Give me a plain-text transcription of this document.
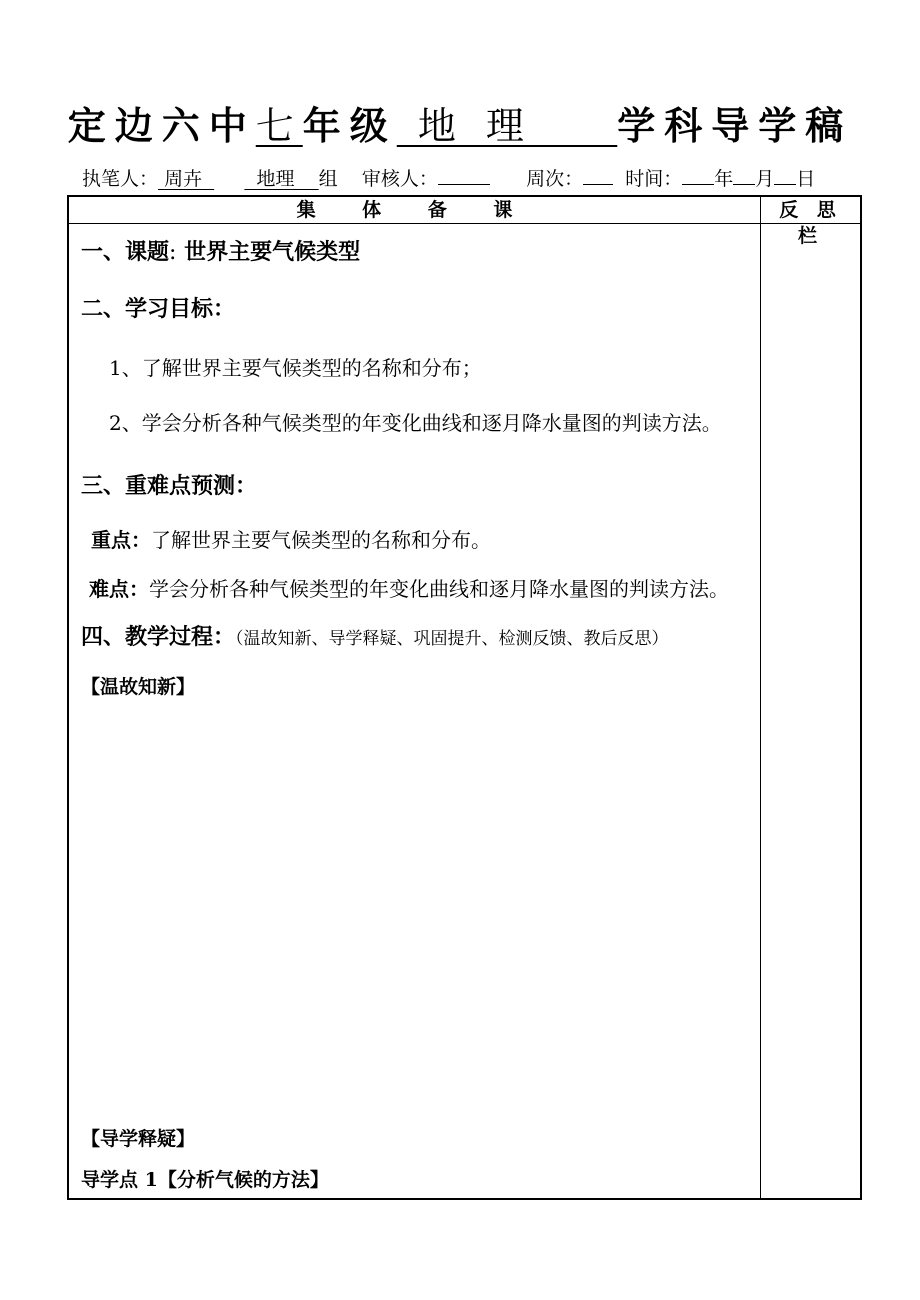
定边六中七年级 地 理    学科导学稿
执笔人： 周卉	地理 组 审核人：	周次： 时间： 年 月 日
集 体 备 课	反 思 栏
一、课题: 世界主要气候类型
二、学习目标：
1、了解世界主要气候类型的名称和分布；
2、学会分析各种气候类型的年变化曲线和逐月降水量图的判读方法。
三、重难点预测：
重点：了解世界主要气候类型的名称和分布。
难点：学会分析各种气候类型的年变化曲线和逐月降水量图的判读方法。
四、教学过程：（温故知新、导学释疑、巩固提升、检测反馈、教后反思）
【温故知新】
【导学释疑】
导学点 1【分析气候的方法】
